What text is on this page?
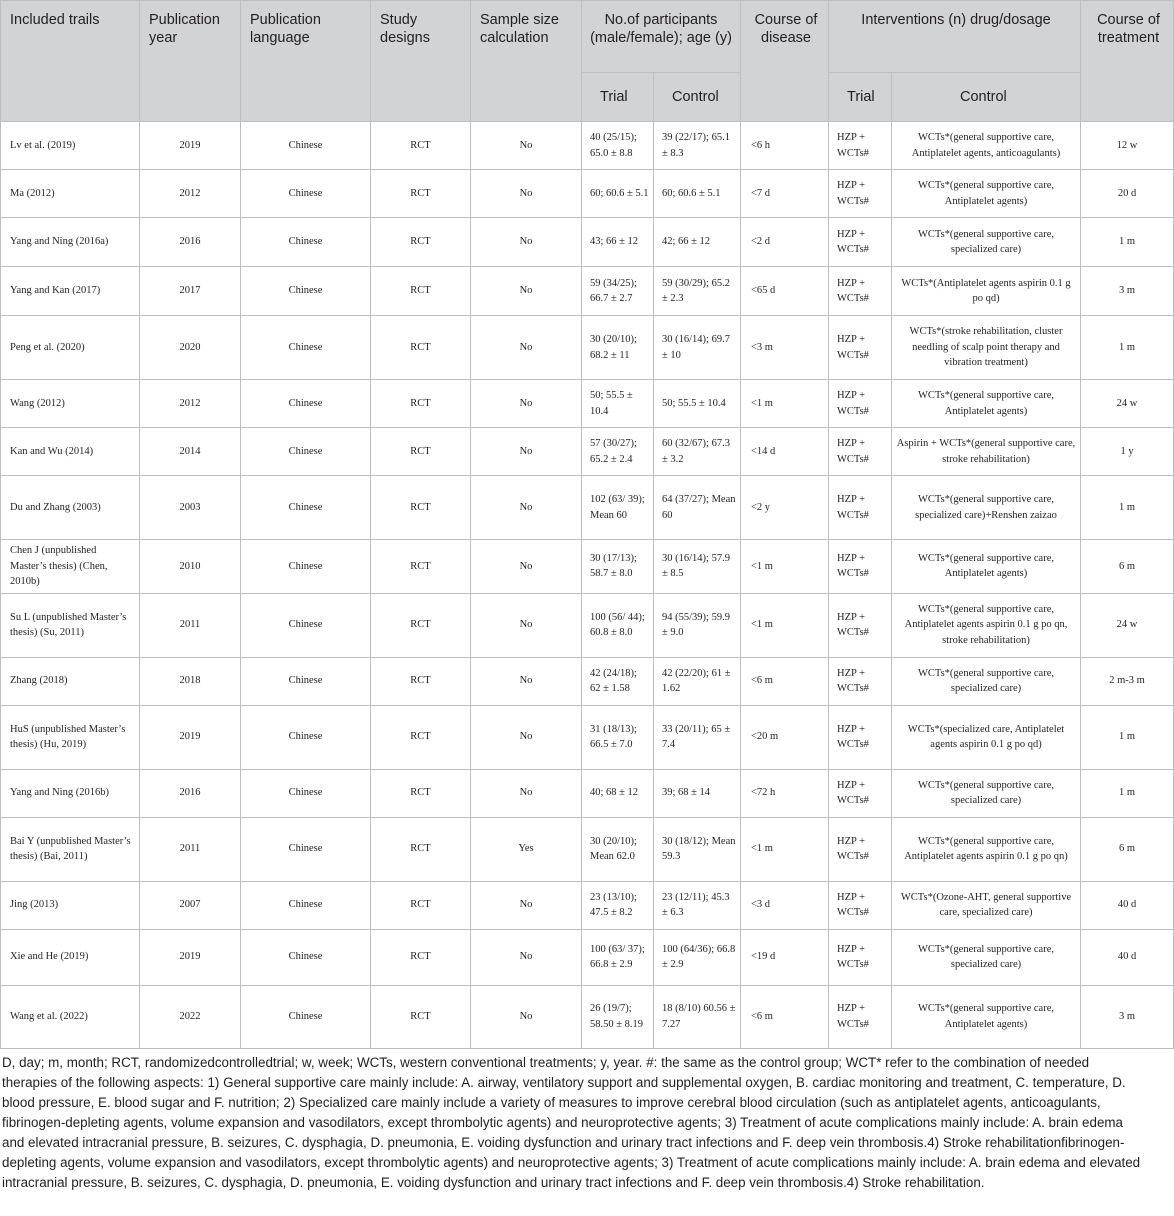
Included trails	Publication year	Publication language	Study designs	Sample size calculation	No.of participants (male/female); age (y)		Course of disease	Interventions (n) drug/dosage		Course of treatment
					Trial	Control		Trial	Control	
Lv et al. (2019)	2019	Chinese	RCT	No	40 (25/15); 65.0 ± 8.8	39 (22/17); 65.1 ± 8.3	<6 h	HZP + WCTs#	WCTs*(general supportive care, Antiplatelet agents, anticoagulants)	12 w
Ma (2012)	2012	Chinese	RCT	No	60; 60.6 ± 5.1	60; 60.6 ± 5.1	<7 d	HZP + WCTs#	WCTs*(general supportive care, Antiplatelet agents)	20 d
Yang and Ning (2016a)	2016	Chinese	RCT	No	43; 66 ± 12	42; 66 ± 12	<2 d	HZP + WCTs#	WCTs*(general supportive care, specialized care)	1 m
Yang and Kan (2017)	2017	Chinese	RCT	No	59 (34/25); 66.7 ± 2.7	59 (30/29); 65.2 ± 2.3	<65 d	HZP + WCTs#	WCTs*(Antiplatelet agents aspirin 0.1 g po qd)	3 m
Peng et al. (2020)	2020	Chinese	RCT	No	30 (20/10); 68.2 ± 11	30 (16/14); 69.7 ± 10	<3 m	HZP + WCTs#	WCTs*(stroke rehabilitation, cluster needling of scalp point therapy and vibration treatment)	1 m
Wang (2012)	2012	Chinese	RCT	No	50; 55.5 ± 10.4	50; 55.5 ± 10.4	<1 m	HZP + WCTs#	WCTs*(general supportive care, Antiplatelet agents)	24 w
Kan and Wu (2014)	2014	Chinese	RCT	No	57 (30/27); 65.2 ± 2.4	60 (32/67); 67.3 ± 3.2	<14 d	HZP + WCTs#	Aspirin + WCTs*(general supportive care, stroke rehabilitation)	1 y
Du and Zhang (2003)	2003	Chinese	RCT	No	102 (63/ 39); Mean 60	64 (37/27); Mean 60	<2 y	HZP + WCTs#	WCTs*(general supportive care, specialized care)+Renshen zaizao	1 m
Chen J (unpublished Master’s thesis) (Chen, 2010b)	2010	Chinese	RCT	No	30 (17/13); 58.7 ± 8.0	30 (16/14); 57.9 ± 8.5	<1 m	HZP + WCTs#	WCTs*(general supportive care, Antiplatelet agents)	6 m
Su L (unpublished Master’s thesis) (Su, 2011)	2011	Chinese	RCT	No	100 (56/ 44); 60.8 ± 8.0	94 (55/39); 59.9 ± 9.0	<1 m	HZP + WCTs#	WCTs*(general supportive care, Antiplatelet agents aspirin 0.1 g po qn, stroke rehabilitation)	24 w
Zhang (2018)	2018	Chinese	RCT	No	42 (24/18); 62 ± 1.58	42 (22/20); 61 ± 1.62	<6 m	HZP + WCTs#	WCTs*(general supportive care, specialized care)	2 m-3 m
HuS (unpublished Master’s thesis) (Hu, 2019)	2019	Chinese	RCT	No	31 (18/13); 66.5 ± 7.0	33 (20/11); 65 ± 7.4	<20 m	HZP + WCTs#	WCTs*(specialized care, Antiplatelet agents aspirin 0.1 g po qd)	1 m
Yang and Ning (2016b)	2016	Chinese	RCT	No	40; 68 ± 12	39; 68 ± 14	<72 h	HZP + WCTs#	WCTs*(general supportive care, specialized care)	1 m
Bai Y (unpublished Master’s thesis) (Bai, 2011)	2011	Chinese	RCT	Yes	30 (20/10); Mean 62.0	30 (18/12); Mean 59.3	<1 m	HZP + WCTs#	WCTs*(general supportive care, Antiplatelet agents aspirin 0.1 g po qn)	6 m
Jing (2013)	2007	Chinese	RCT	No	23 (13/10); 47.5 ± 8.2	23 (12/11); 45.3 ± 6.3	<3 d	HZP + WCTs#	WCTs*(Ozone-AHT, general supportive care, specialized care)	40 d
Xie and He (2019)	2019	Chinese	RCT	No	100 (63/ 37); 66.8 ± 2.9	100 (64/36); 66.8 ± 2.9	<19 d	HZP + WCTs#	WCTs*(general supportive care, specialized care)	40 d
Wang et al. (2022)	2022	Chinese	RCT	No	26 (19/7); 58.50 ± 8.19	18 (8/10) 60.56 ± 7.27	<6 m	HZP + WCTs#	WCTs*(general supportive care, Antiplatelet agents)	3 m
D, day; m, month; RCT, randomizedcontrolledtrial; w, week; WCTs, western conventional treatments; y, year. #: the same as the control group; WCT* refer to the combination of needed therapies of the following aspects: 1) General supportive care mainly include: A. airway, ventilatory support and supplemental oxygen, B. cardiac monitoring and treatment, C. temperature, D. blood pressure, E. blood sugar and F. nutrition; 2) Specialized care mainly include a variety of measures to improve cerebral blood circulation (such as antiplatelet agents, anticoagulants, fibrinogen-depleting agents, volume expansion and vasodilators, except thrombolytic agents) and neuroprotective agents; 3) Treatment of acute complications mainly include: A. brain edema and elevated intracranial pressure, B. seizures, C. dysphagia, D. pneumonia, E. voiding dysfunction and urinary tract infections and F. deep vein thrombosis.4) Stroke rehabilitationfibrinogen-depleting agents, volume expansion and vasodilators, except thrombolytic agents) and neuroprotective agents; 3) Treatment of acute complications mainly include: A. brain edema and elevated intracranial pressure, B. seizures, C. dysphagia, D. pneumonia, E. voiding dysfunction and urinary tract infections and F. deep vein thrombosis.4) Stroke rehabilitation.
